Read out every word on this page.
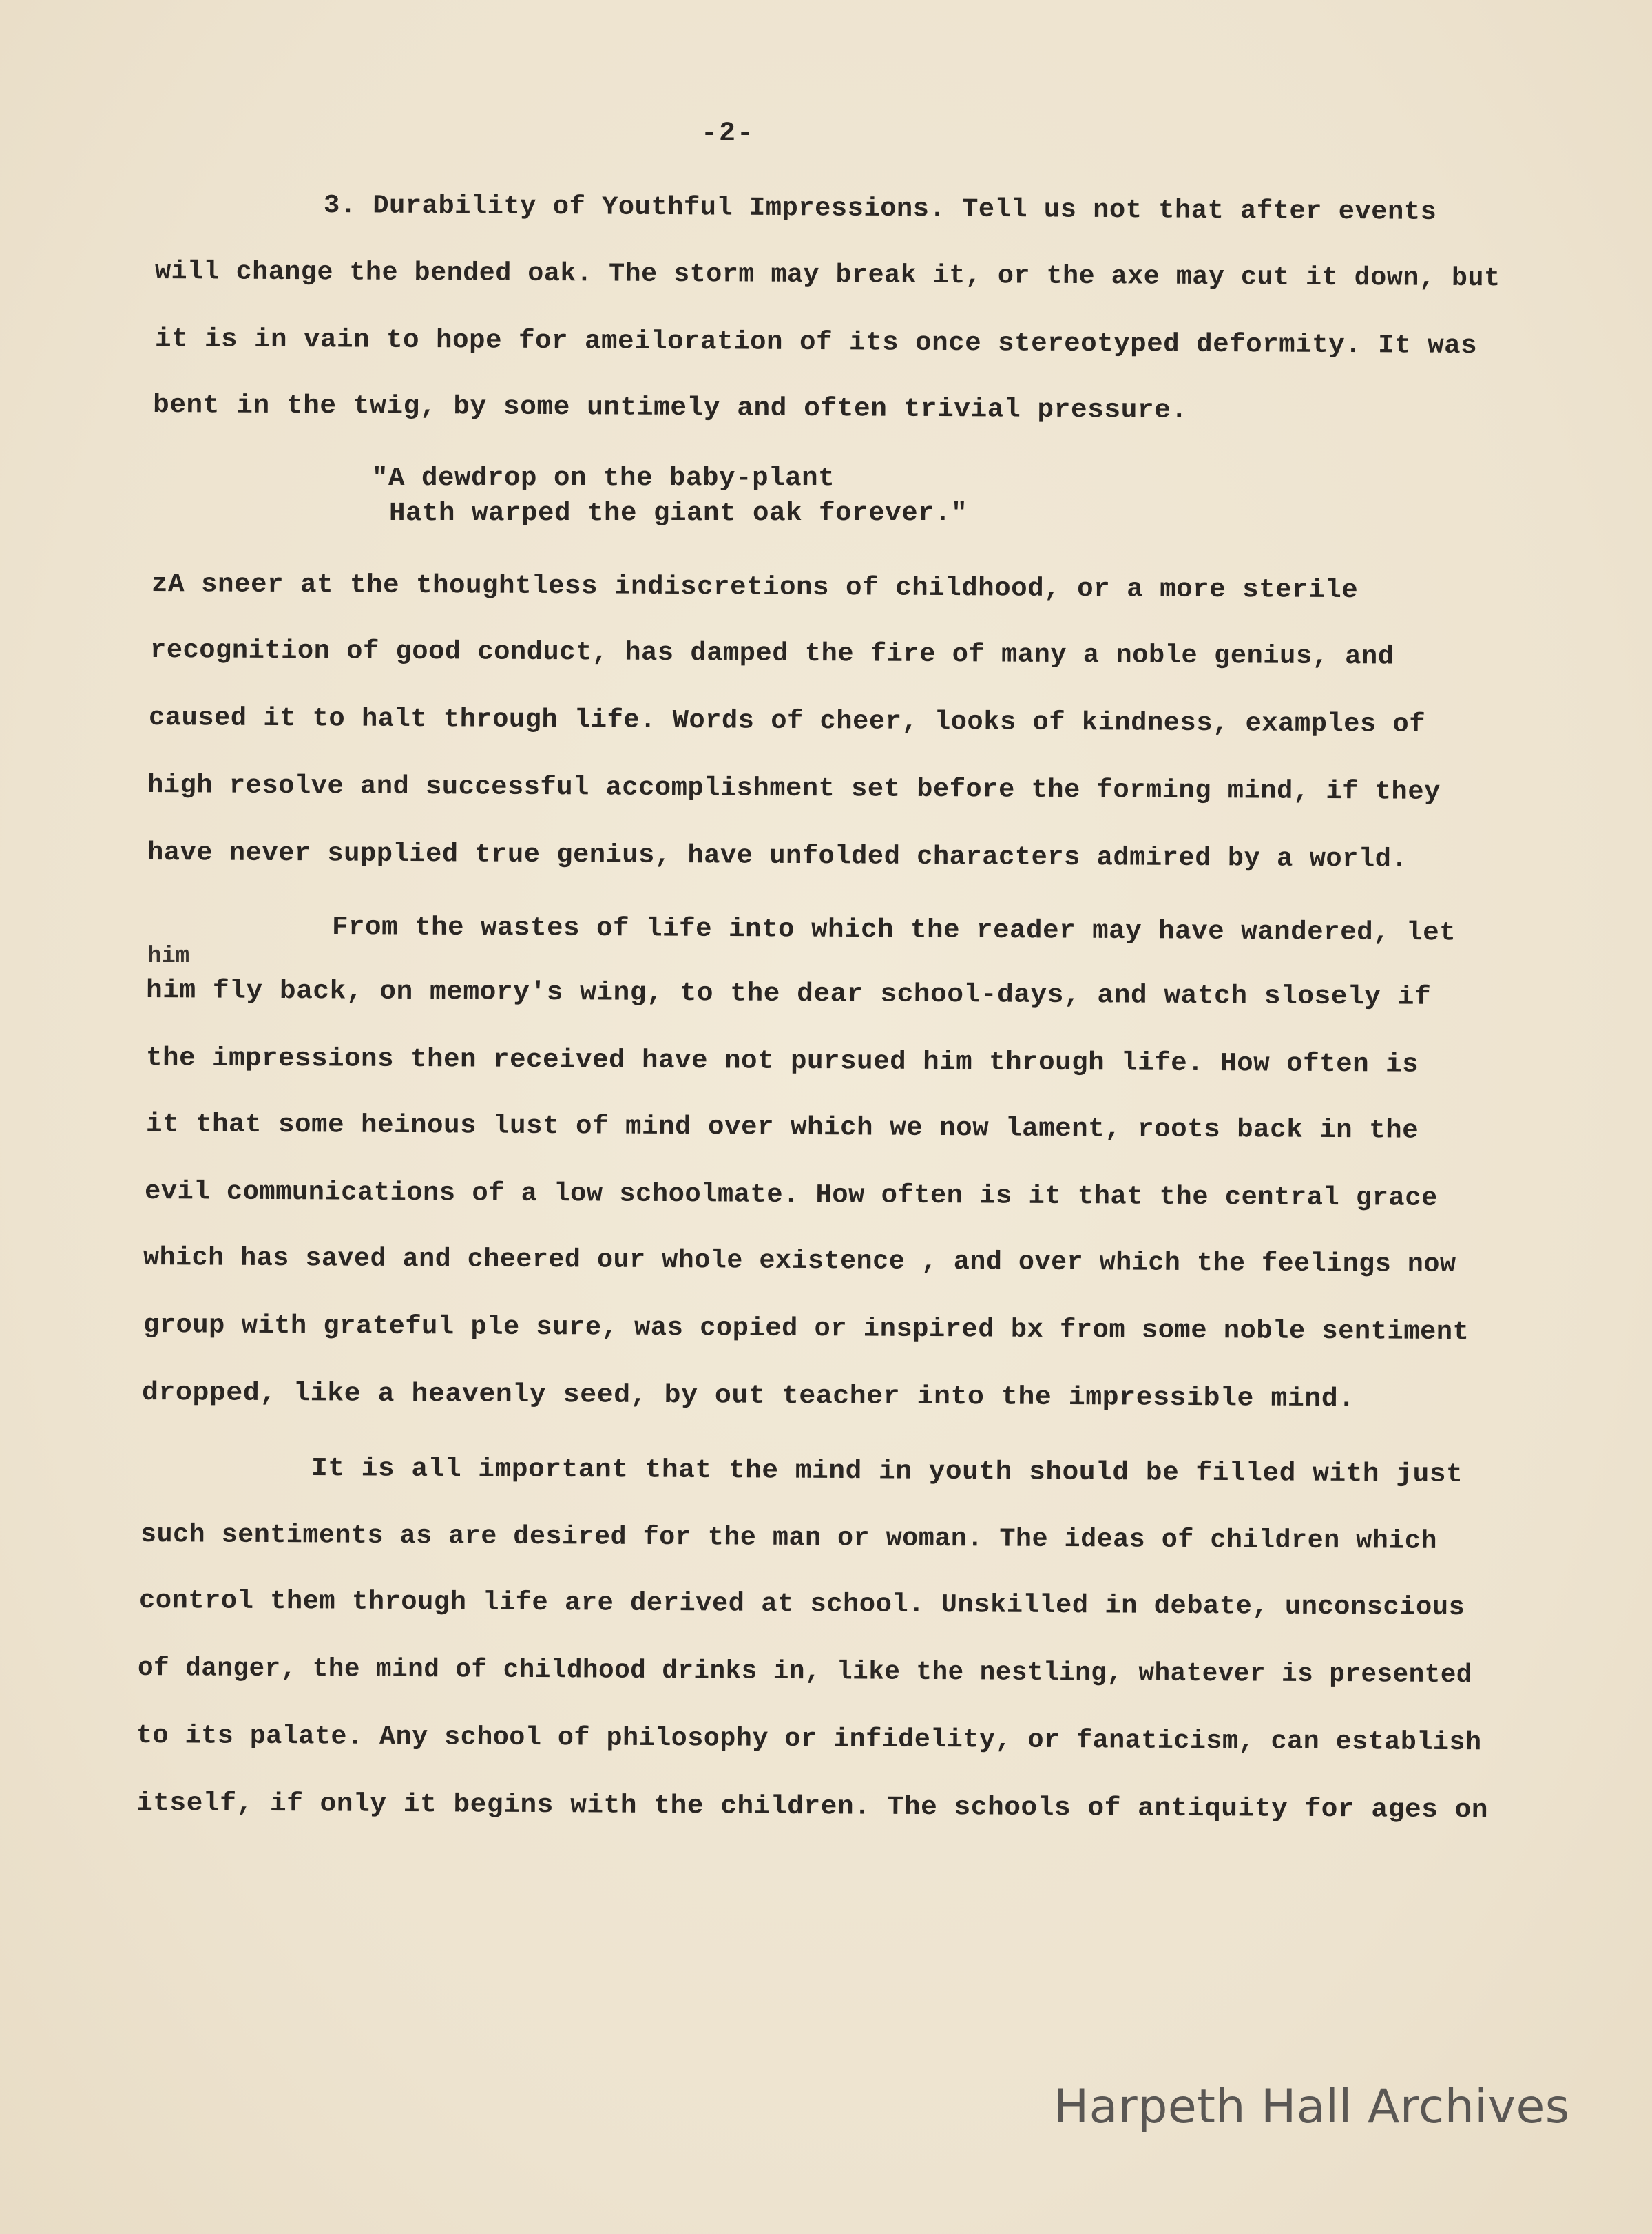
-2-
3. Durability of Youthful Impressions. Tell us not that after events
will change the bended oak. The storm may break it, or the axe may cut it down, but
it is in vain to hope for ameiloration of its once stereotyped deformity. It was
bent in the twig, by some untimely and often trivial pressure.
"A dewdrop on the baby-plant
Hath warped the giant oak forever."
zA sneer at the thoughtless indiscretions of childhood, or a more sterile
recognition of good conduct, has damped the fire of many a noble genius, and
caused it to halt through life. Words of cheer, looks of kindness, examples of
high resolve and successful accomplishment set before the forming mind, if they
have never supplied true genius, have unfolded characters admired by a world.
From the wastes of life into which the reader may have wandered, let
him
him fly back, on memory's wing, to the dear school-days, and watch slosely if
the impressions then received have not pursued him through life. How often is
it that some heinous lust of mind over which we now lament, roots back in the
evil communications of a low schoolmate. How often is it that the central grace
which has saved and cheered our whole existence , and over which the feelings now
group with grateful ple sure, was copied or inspired bx from some noble sentiment
dropped, like a heavenly seed, by out teacher into the impressible mind.
It is all important that the mind in youth should be filled with just
such sentiments as are desired for the man or woman. The ideas of children which
control them through life are derived at school. Unskilled in debate, unconscious
of danger, the mind of childhood drinks in, like the nestling, whatever is presented
to its palate. Any school of philosophy or infidelity, or fanaticism, can establish
itself, if only it begins with the children. The schools of antiquity for ages on
Harpeth Hall Archives
